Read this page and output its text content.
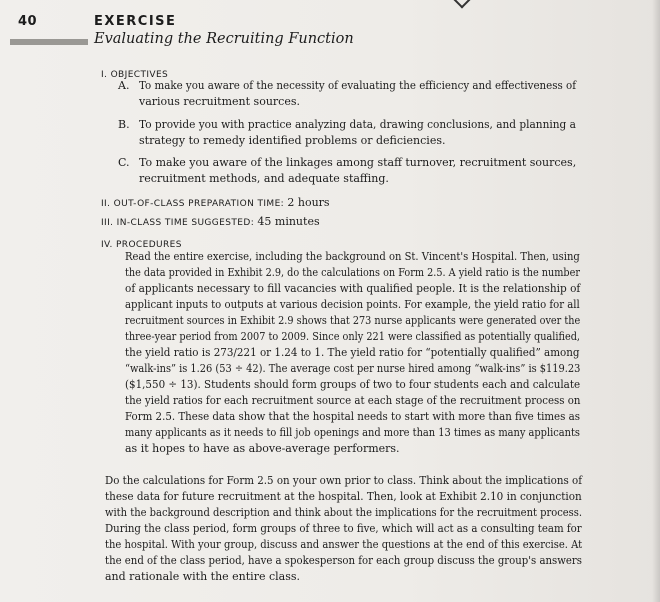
40	EXERCISE
Evaluating the Recruiting Function
I. OBJECTIVES
A. To make you aware of the necessity of evaluating the efficiency and effectiveness of
various recruitment sources.
B. To provide you with practice analyzing data, drawing conclusions, and planning a
strategy to remedy identified problems or deficiencies.
C. To make you aware of the linkages among staff turnover, recruitment sources,
recruitment methods, and adequate staffing.
II. OUT-OF-CLASS PREPARATION TIME: 2 hours
III. IN-CLASS TIME SUGGESTED: 45 minutes
IV. PROCEDURES
Read the entire exercise, including the background on St. Vincent's Hospital. Then, using
the data provided in Exhibit 2.9, do the calculations on Form 2.5. A yield ratio is the number
of applicants necessary to fill vacancies with qualified people. It is the relationship of
applicant inputs to outputs at various decision points. For example, the yield ratio for all
recruitment sources in Exhibit 2.9 shows that 273 nurse applicants were generated over the
three-year period from 2007 to 2009. Since only 221 were classified as potentially qualified,
the yield ratio is 273/221 or 1.24 to 1. The yield ratio for “potentially qualified” among
“walk-ins” is 1.26 (53 ÷ 42). The average cost per nurse hired among “walk-ins” is $119.23
($1,550 ÷ 13). Students should form groups of two to four students each and calculate
the yield ratios for each recruitment source at each stage of the recruitment process on
Form 2.5. These data show that the hospital needs to start with more than five times as
many applicants as it needs to fill job openings and more than 13 times as many applicants
as it hopes to have as above-average performers.
Do the calculations for Form 2.5 on your own prior to class. Think about the implications of
these data for future recruitment at the hospital. Then, look at Exhibit 2.10 in conjunction
with the background description and think about the implications for the recruitment process.
During the class period, form groups of three to five, which will act as a consulting team for
the hospital. With your group, discuss and answer the questions at the end of this exercise. At
the end of the class period, have a spokesperson for each group discuss the group's answers
and rationale with the entire class.
